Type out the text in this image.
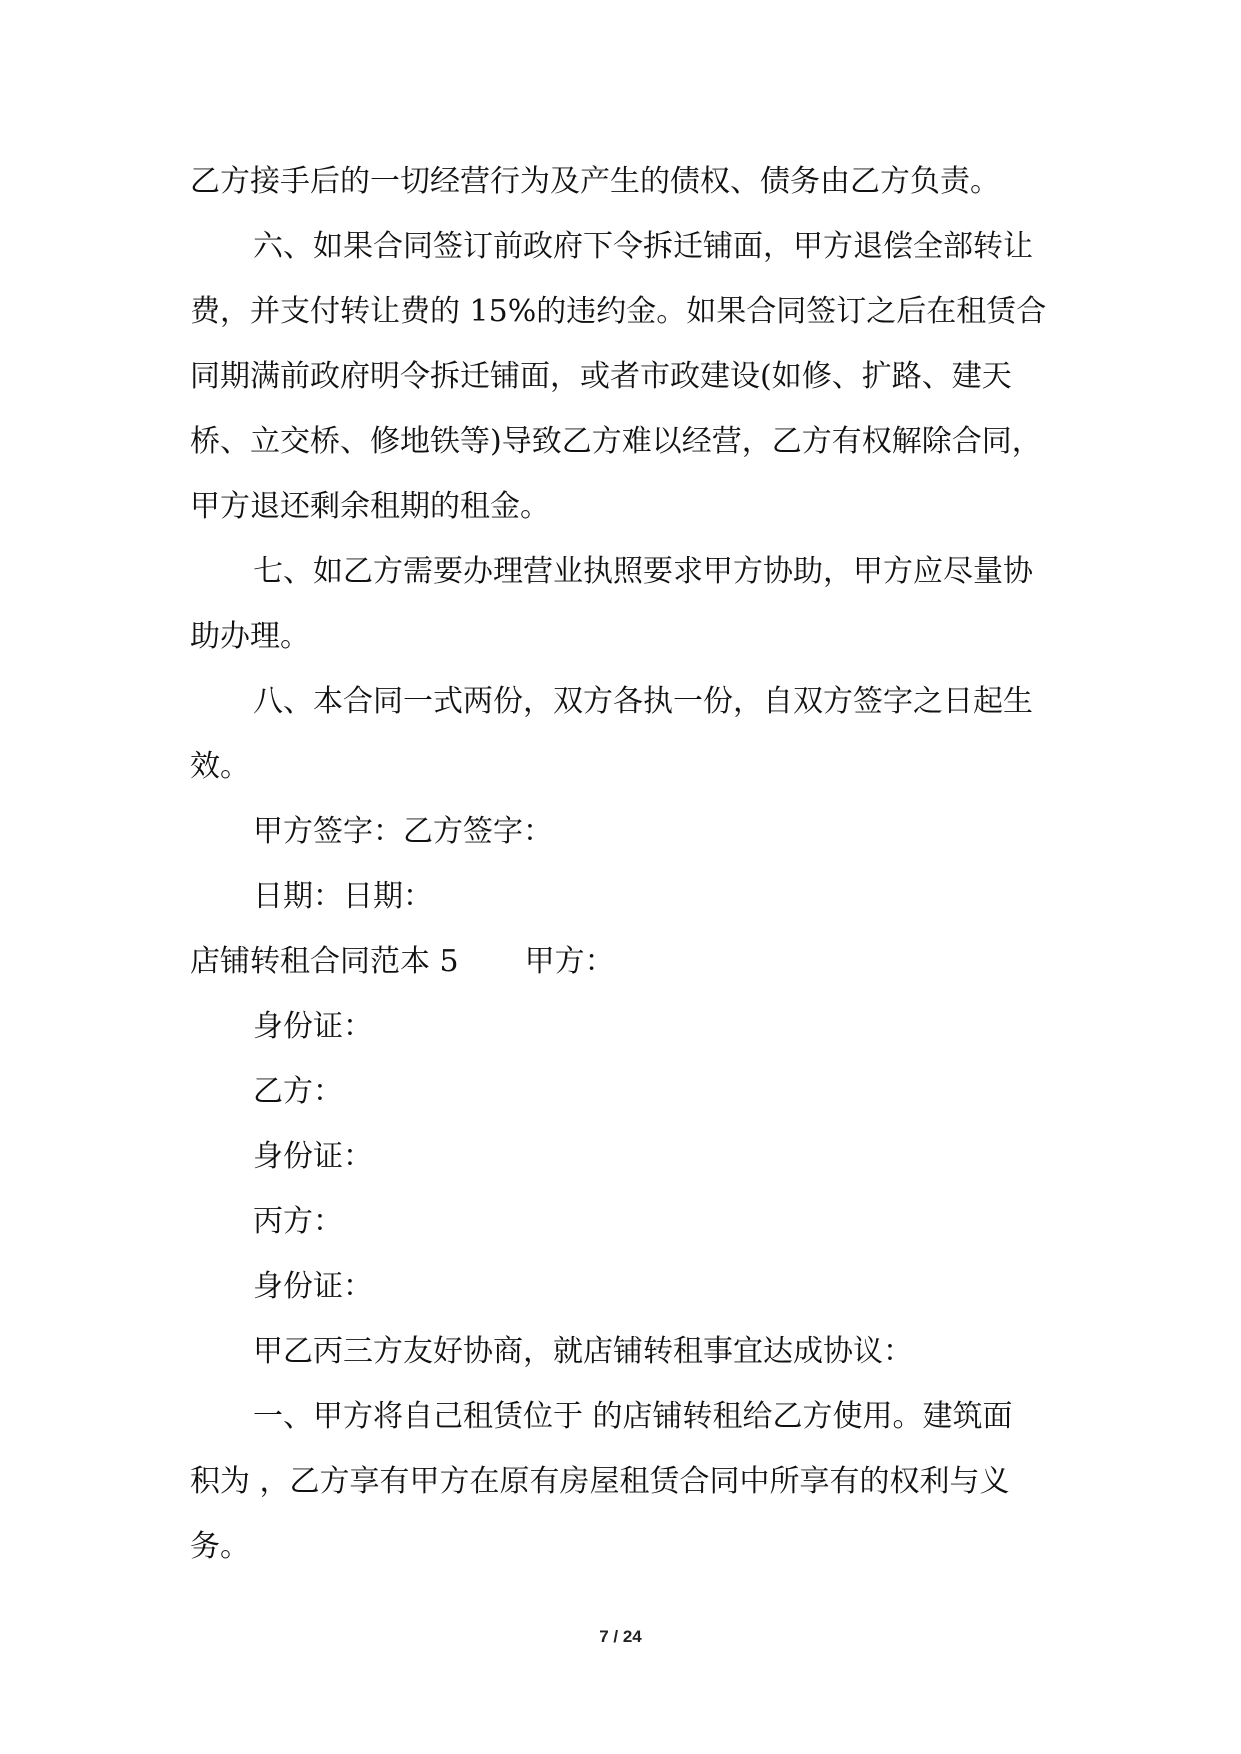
乙方接手后的一切经营行为及产生的债权、债务由乙方负责。
六、如果合同签订前政府下令拆迁铺面，甲方退偿全部转让
费，并支付转让费的 15%的违约金。如果合同签订之后在租赁合
同期满前政府明令拆迁铺面，或者市政建设(如修、扩路、建天
桥、立交桥、修地铁等)导致乙方难以经营，乙方有权解除合同，
甲方退还剩余租期的租金。
七、如乙方需要办理营业执照要求甲方协助，甲方应尽量协
助办理。
八、本合同一式两份，双方各执一份，自双方签字之日起生
效。
甲方签字：乙方签字：
日期：日期：
店铺转租合同范本 5 甲方：
身份证：
乙方：
身份证：
丙方：
身份证：
甲乙丙三方友好协商，就店铺转租事宜达成协议：
一、甲方将自己租赁位于 的店铺转租给乙方使用。建筑面
积为 ，乙方享有甲方在原有房屋租赁合同中所享有的权利与义
务。
7 / 24
